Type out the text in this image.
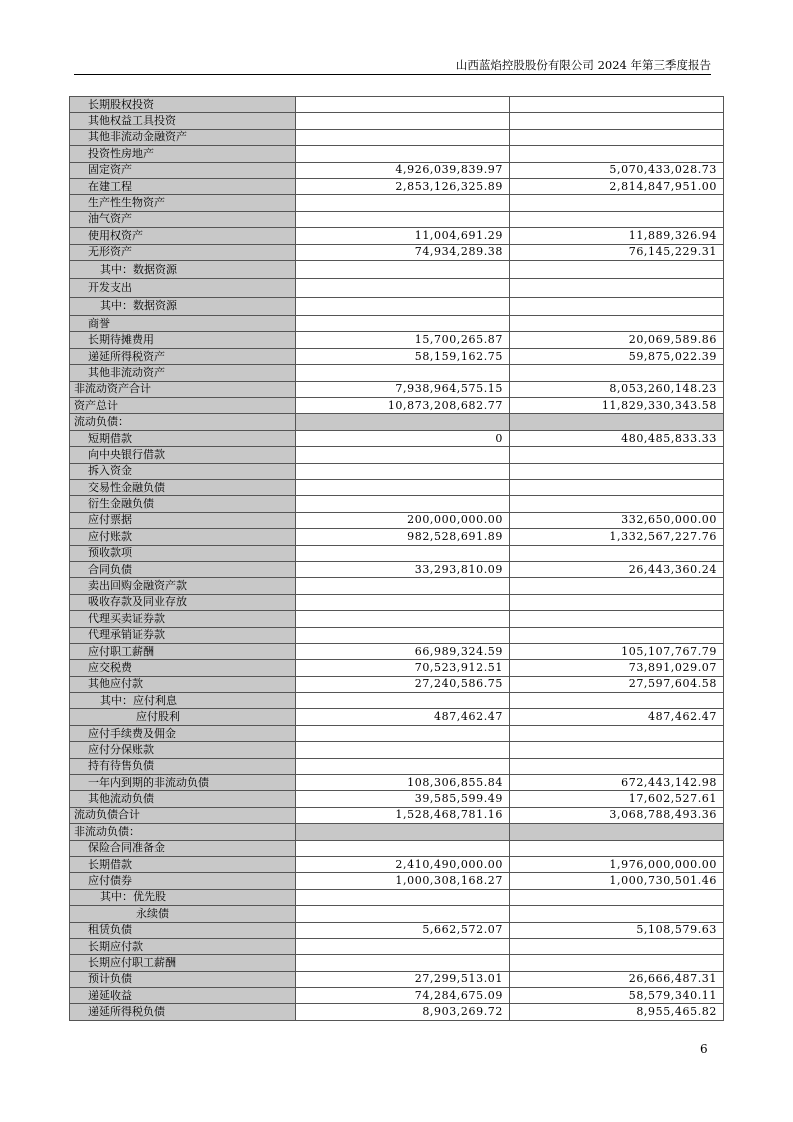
山西蓝焰控股股份有限公司 2024 年第三季度报告
长期股权投资		
其他权益工具投资		
其他非流动金融资产		
投资性房地产		
固定资产	4,926,039,839.97	5,070,433,028.73
在建工程	2,853,126,325.89	2,814,847,951.00
生产性生物资产		
油气资产		
使用权资产	11,004,691.29	11,889,326.94
无形资产	74,934,289.38	76,145,229.31
其中：数据资源		
开发支出		
其中：数据资源		
商誉		
长期待摊费用	15,700,265.87	20,069,589.86
递延所得税资产	58,159,162.75	59,875,022.39
其他非流动资产		
非流动资产合计	7,938,964,575.15	8,053,260,148.23
资产总计	10,873,208,682.77	11,829,330,343.58
流动负债：		
短期借款	0	480,485,833.33
向中央银行借款		
拆入资金		
交易性金融负债		
衍生金融负债		
应付票据	200,000,000.00	332,650,000.00
应付账款	982,528,691.89	1,332,567,227.76
预收款项		
合同负债	33,293,810.09	26,443,360.24
卖出回购金融资产款		
吸收存款及同业存放		
代理买卖证券款		
代理承销证券款		
应付职工薪酬	66,989,324.59	105,107,767.79
应交税费	70,523,912.51	73,891,029.07
其他应付款	27,240,586.75	27,597,604.58
其中：应付利息		
应付股利	487,462.47	487,462.47
应付手续费及佣金		
应付分保账款		
持有待售负债		
一年内到期的非流动负债	108,306,855.84	672,443,142.98
其他流动负债	39,585,599.49	17,602,527.61
流动负债合计	1,528,468,781.16	3,068,788,493.36
非流动负债：		
保险合同准备金		
长期借款	2,410,490,000.00	1,976,000,000.00
应付债券	1,000,308,168.27	1,000,730,501.46
其中：优先股		
永续债		
租赁负债	5,662,572.07	5,108,579.63
长期应付款		
长期应付职工薪酬		
预计负债	27,299,513.01	26,666,487.31
递延收益	74,284,675.09	58,579,340.11
递延所得税负债	8,903,269.72	8,955,465.82
6
